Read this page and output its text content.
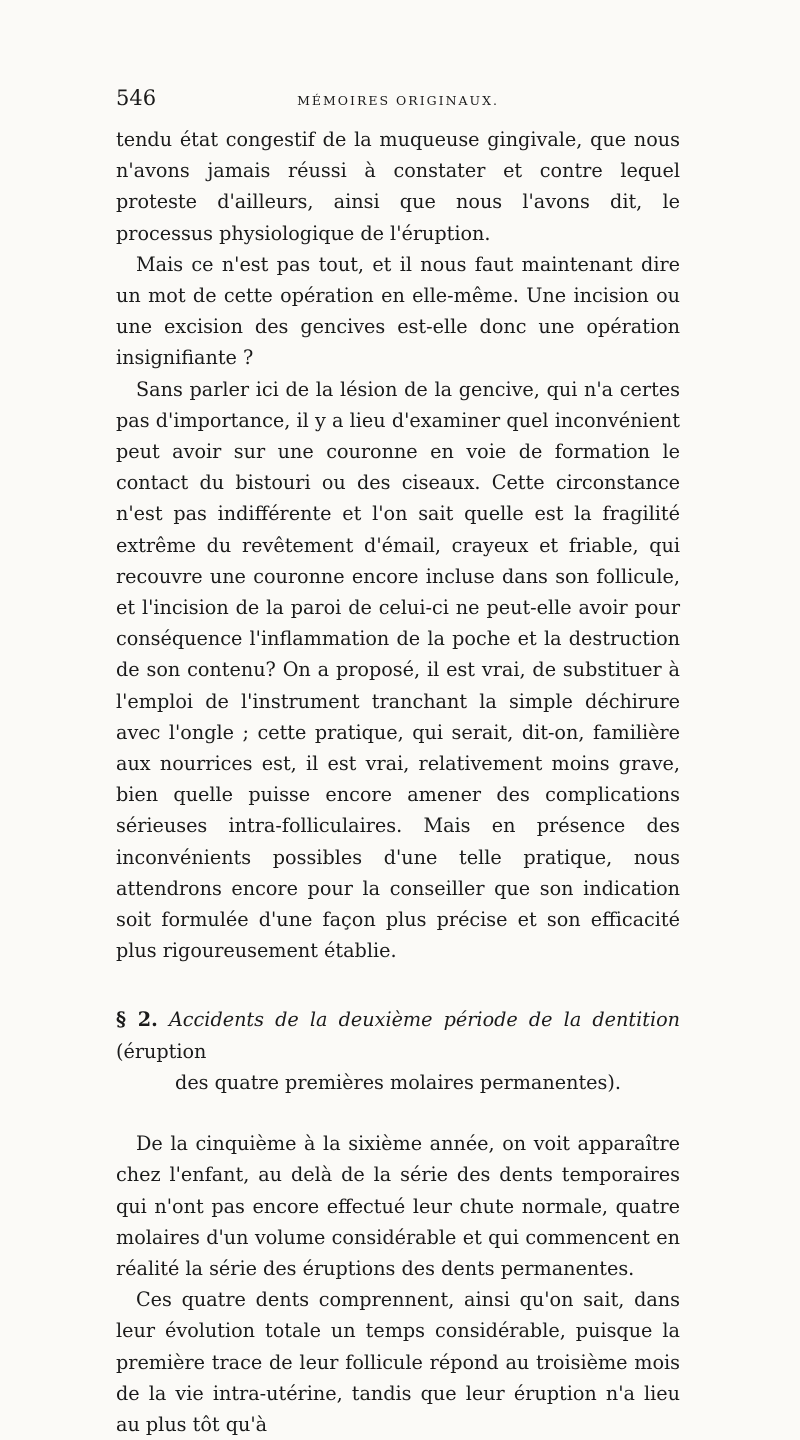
546	MÉMOIRES ORIGINAUX.

tendu état congestif de la muqueuse gingivale, que nous n'avons jamais réussi à constater et contre lequel proteste d'ailleurs, ainsi que nous l'avons dit, le processus physiologique de l'éruption.

Mais ce n'est pas tout, et il nous faut maintenant dire un mot de cette opération en elle-même. Une incision ou une excision des gencives est-elle donc une opération insignifiante ?

Sans parler ici de la lésion de la gencive, qui n'a certes pas d'importance, il y a lieu d'examiner quel inconvénient peut avoir sur une couronne en voie de formation le contact du bistouri ou des ciseaux. Cette circonstance n'est pas indifférente et l'on sait quelle est la fragilité extrême du revêtement d'émail, crayeux et friable, qui recouvre une couronne encore incluse dans son follicule, et l'incision de la paroi de celui-ci ne peut-elle avoir pour conséquence l'inflammation de la poche et la destruction de son contenu? On a proposé, il est vrai, de substituer à l'emploi de l'instrument tranchant la simple déchirure avec l'ongle ; cette pratique, qui serait, dit-on, familière aux nourrices est, il est vrai, relativement moins grave, bien quelle puisse encore amener des complications sérieuses intra-folliculaires. Mais en présence des inconvénients possibles d'une telle pratique, nous attendrons encore pour la conseiller que son indication soit formulée d'une façon plus précise et son efficacité plus rigoureusement établie.

§ 2. Accidents de la deuxième période de la dentition (éruption
des quatre premières molaires permanentes).

De la cinquième à la sixième année, on voit apparaître chez l'enfant, au delà de la série des dents temporaires qui n'ont pas encore effectué leur chute normale, quatre molaires d'un volume considérable et qui commencent en réalité la série des éruptions des dents permanentes.

Ces quatre dents comprennent, ainsi qu'on sait, dans leur évolution totale un temps considérable, puisque la première trace de leur follicule répond au troisième mois de la vie intra-utérine, tandis que leur éruption n'a lieu au plus tôt qu'à
